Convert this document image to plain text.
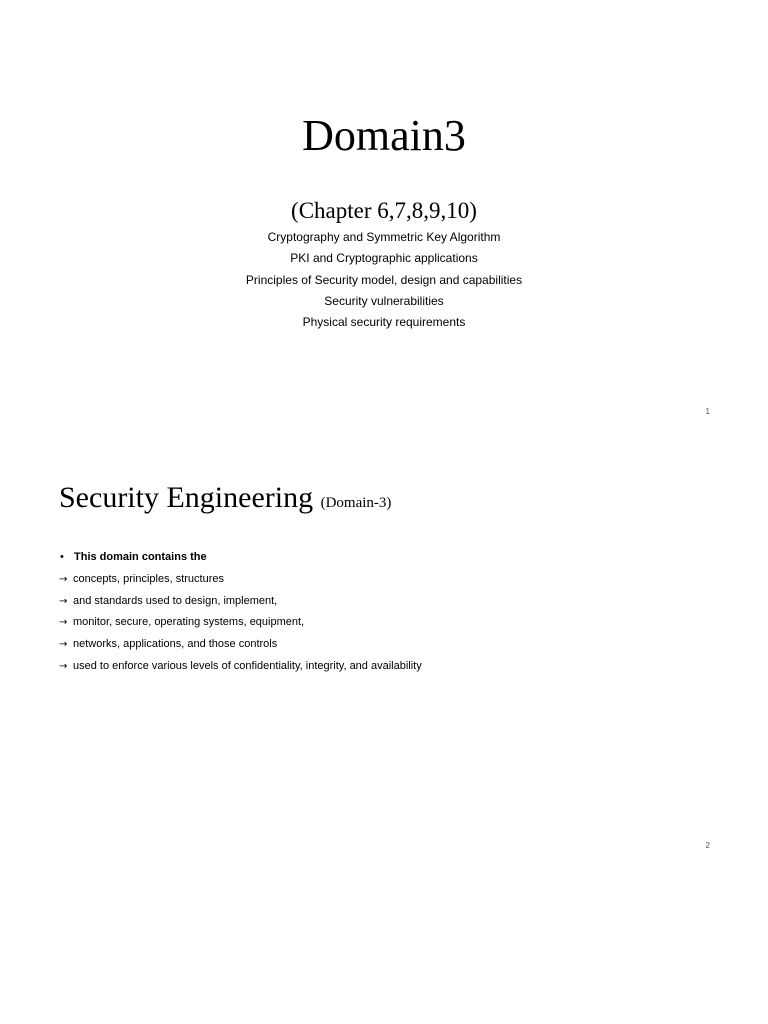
Domain3
(Chapter 6,7,8,9,10)
Cryptography and Symmetric Key Algorithm
PKI and Cryptographic applications
Principles of Security model, design and capabilities
Security vulnerabilities
Physical security requirements
1
Security Engineering (Domain-3)
• This domain contains the
→ concepts, principles, structures
→ and standards used to design, implement,
→ monitor, secure, operating systems, equipment,
→ networks, applications, and those controls
→ used to enforce various levels of confidentiality, integrity, and availability
2
